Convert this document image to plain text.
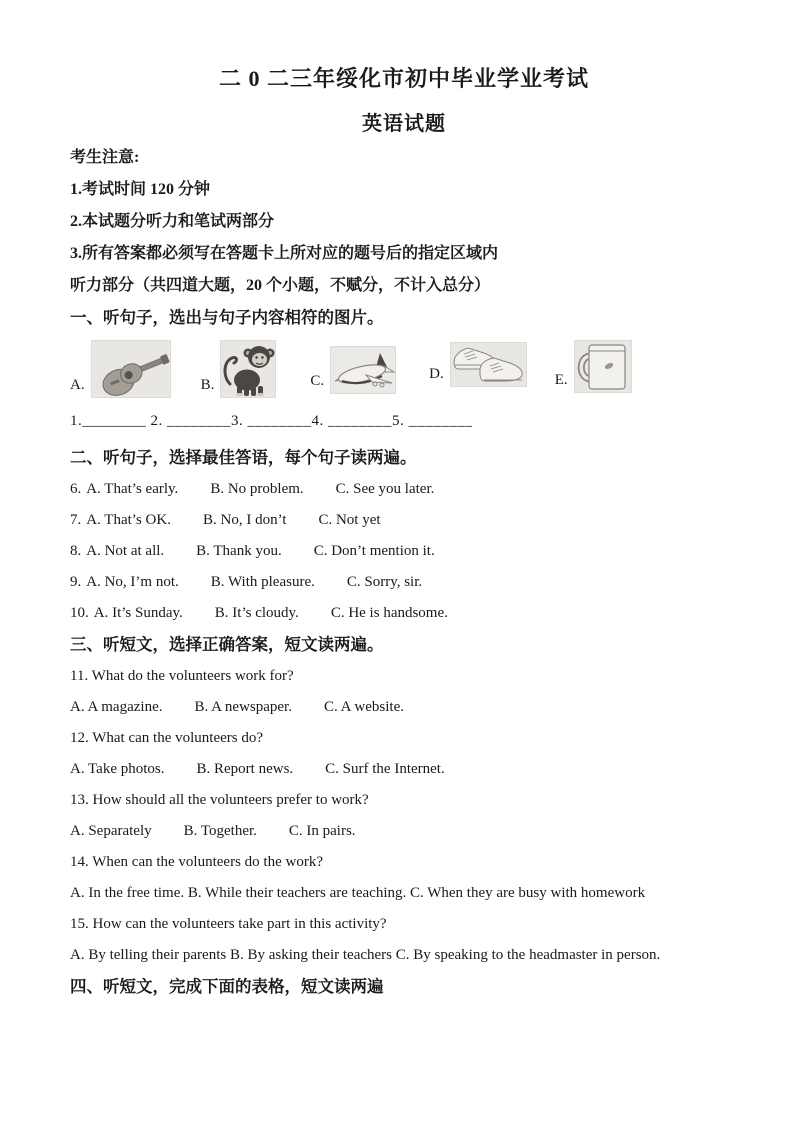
二 0 二三年绥化市初中毕业学业考试
英语试题

考生注意:

1.考试时间 120 分钟

2.本试题分听力和笔试两部分

3.所有答案都必须写在答题卡上所对应的题号后的指定区域内

听力部分（共四道大题，20 个小题，不赋分，不计入总分）

一、听句子，选出与句子内容相符的图片。

A.	B.	C.	D.	E.

1.________ 2. ________3. ________4. ________5. ________

二、听句子，选择最佳答语，每个句子读两遍。

6. A. That’s early. B. No problem. C. See you later.

7. A. That’s OK. B. No, I don’t C. Not yet

8. A. Not at all. B. Thank you. C. Don’t mention it.

9. A. No, I’m not. B. With pleasure. C. Sorry, sir.

10. A. It’s Sunday. B. It’s cloudy. C. He is handsome.

三、听短文，选择正确答案，短文读两遍。

11. What do the volunteers work for?

A. A magazine. B. A newspaper. C. A website.

12. What can the volunteers do?

A. Take photos. B. Report news. C. Surf the Internet.

13. How should all the volunteers prefer to work?

A. Separately B. Together. C. In pairs.

14. When can the volunteers do the work?

A. In the free time. B. While their teachers are teaching. C. When they are busy with homework

15. How can the volunteers take part in this activity?

A. By telling their parents B. By asking their teachers C. By speaking to the headmaster in person.

四、听短文，完成下面的表格，短文读两遍
